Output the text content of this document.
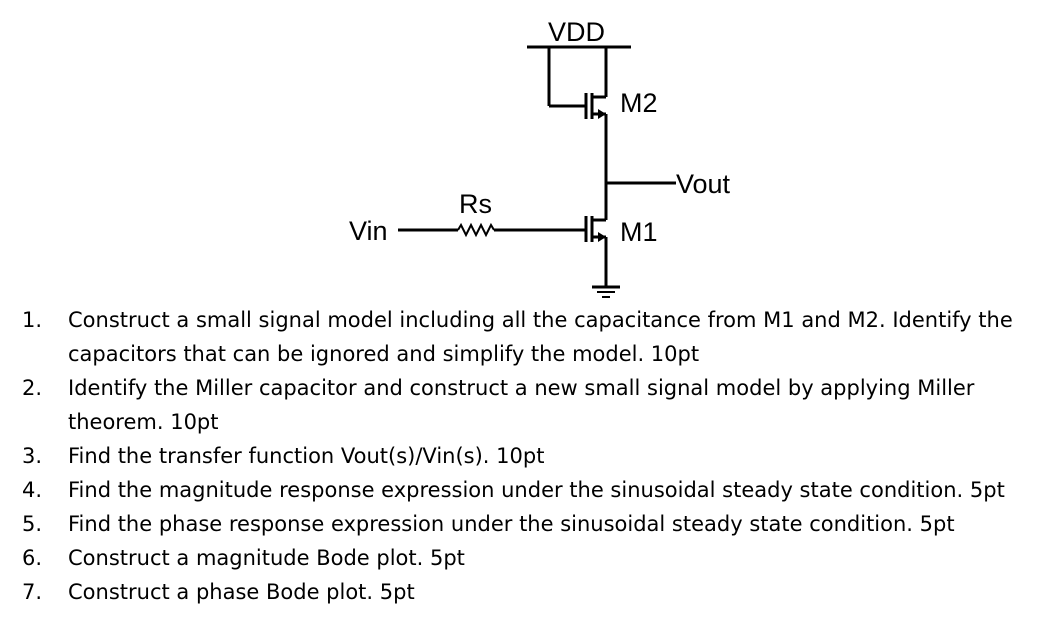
VDD
M2
Vout
M1
Vin
Rs
1.	Construct a small signal model including all the capacitance from M1 and M2. Identify the capacitors that can be ignored and simplify the model. 10pt
2.	Identify the Miller capacitor and construct a new small signal model by applying Miller theorem. 10pt
3.	Find the transfer function Vout(s)/Vin(s). 10pt
4.	Find the magnitude response expression under the sinusoidal steady state condition. 5pt
5.	Find the phase response expression under the sinusoidal steady state condition. 5pt
6.	Construct a magnitude Bode plot. 5pt
7.	Construct a phase Bode plot. 5pt
